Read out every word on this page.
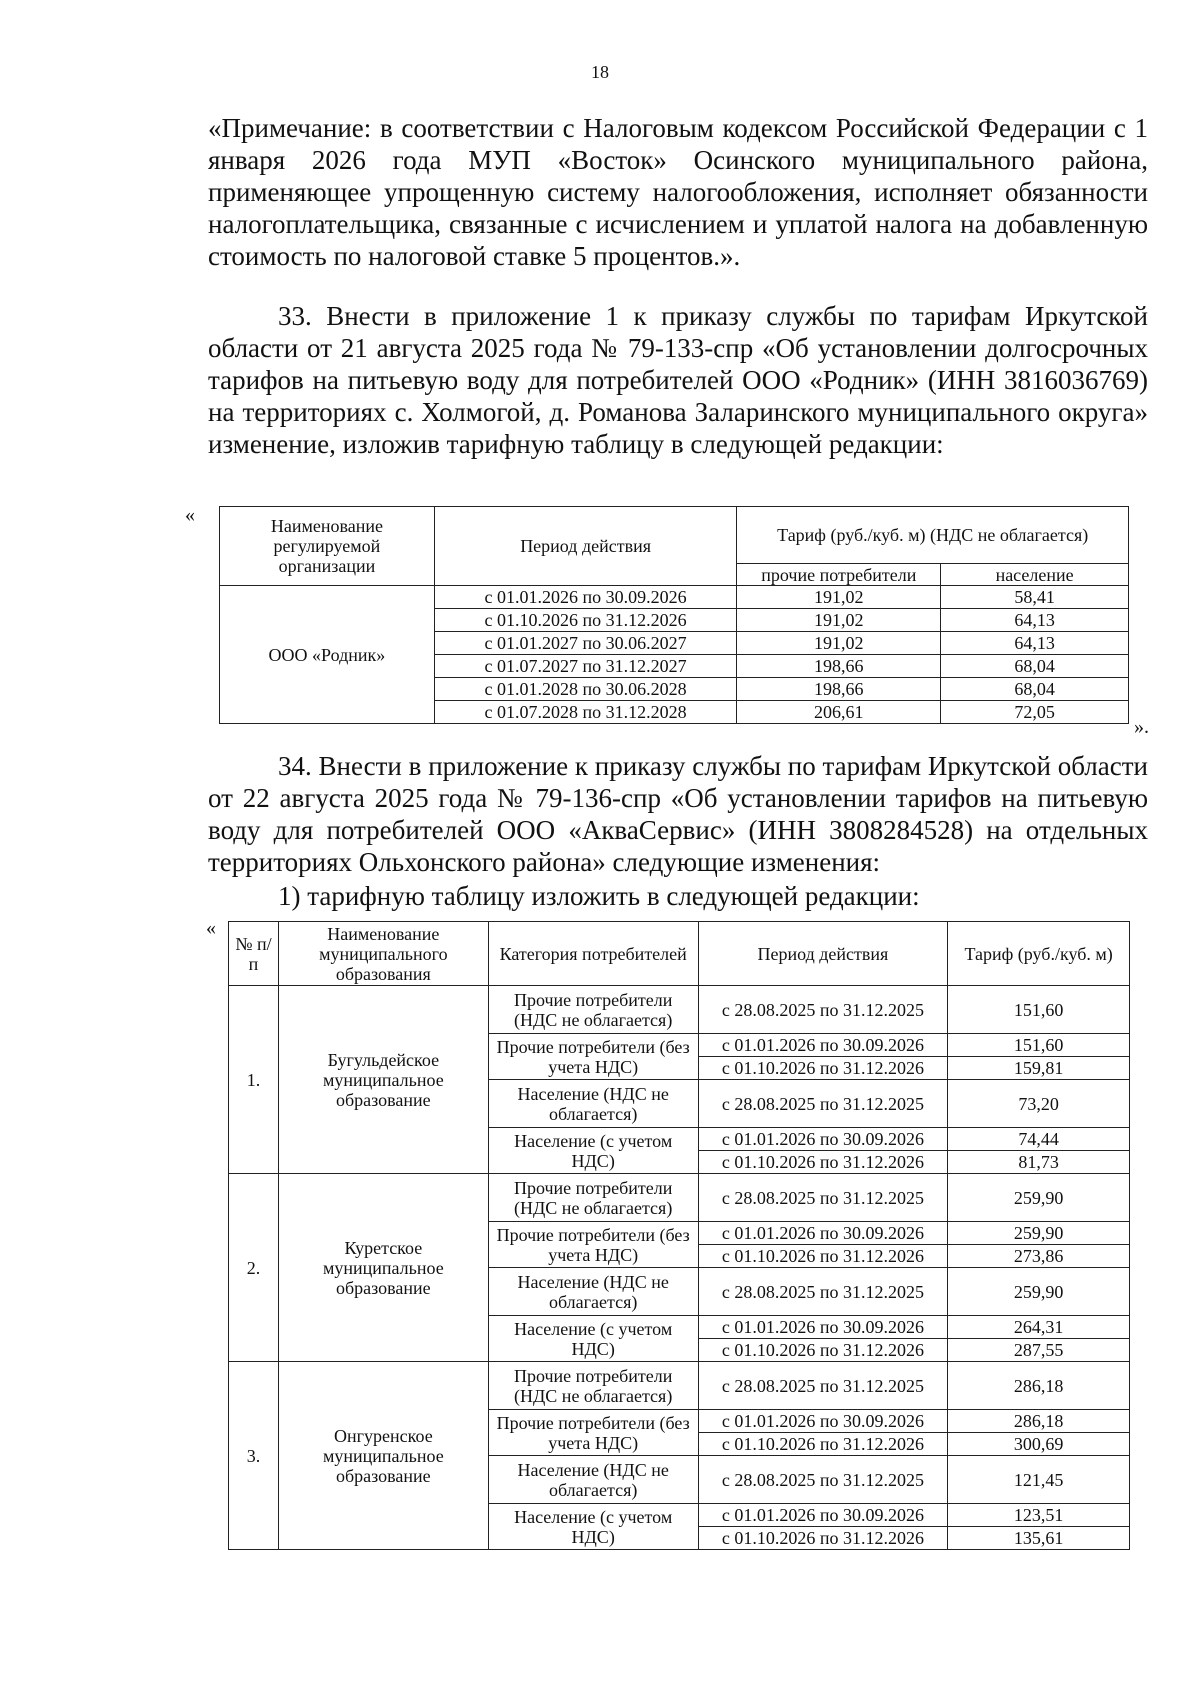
18

«Примечание: в соответствии с Налоговым кодексом Российской Федерации с 1 января 2026 года МУП «Восток» Осинского муниципального района, применяющее упрощенную систему налогообложения, исполняет обязанности налогоплательщика, связанные с исчислением и уплатой налога на добавленную стоимость по налоговой ставке 5 процентов.».

33. Внести в приложение 1 к приказу службы по тарифам Иркутской области от 21 августа 2025 года № 79-133-спр «Об установлении долгосрочных тарифов на питьевую воду для потребителей ООО «Родник» (ИНН 3816036769) на территориях с. Холмогой, д. Романова Заларинского муниципального округа» изменение, изложив тарифную таблицу в следующей редакции:

«	Наименование регулируемой организации	Период действия	Тариф (руб./куб. м) (НДС не облагается)	
		прочие потребители	население
ООО «Родник»	с 01.01.2026 по 30.09.2026	191,02	58,41
	с 01.10.2026 по 31.12.2026	191,02	64,13
	с 01.01.2027 по 30.06.2027	191,02	64,13
	с 01.07.2027 по 31.12.2027	198,66	68,04
	с 01.01.2028 по 30.06.2028	198,66	68,04
	с 01.07.2028 по 31.12.2028	206,61	72,05
».

34. Внести в приложение к приказу службы по тарифам Иркутской области от 22 августа 2025 года № 79-136-спр «Об установлении тарифов на питьевую воду для потребителей ООО «АкваСервис» (ИНН 3808284528) на отдельных территориях Ольхонского района» следующие изменения:

1) тарифную таблицу изложить в следующей редакции:

«
№ п/п	Наименование муниципального образования	Категория потребителей	Период действия	Тариф (руб./куб. м)
1.	Бугульдейское муниципальное образование	Прочие потребители (НДС не облагается)	с 28.08.2025 по 31.12.2025	151,60
		Прочие потребители (без учета НДС)	с 01.01.2026 по 30.09.2026	151,60
			с 01.10.2026 по 31.12.2026	159,81
		Население (НДС не облагается)	с 28.08.2025 по 31.12.2025	73,20
		Население (с учетом НДС)	с 01.01.2026 по 30.09.2026	74,44
			с 01.10.2026 по 31.12.2026	81,73
2.	Куретское муниципальное образование	Прочие потребители (НДС не облагается)	с 28.08.2025 по 31.12.2025	259,90
		Прочие потребители (без учета НДС)	с 01.01.2026 по 30.09.2026	259,90
			с 01.10.2026 по 31.12.2026	273,86
		Население (НДС не облагается)	с 28.08.2025 по 31.12.2025	259,90
		Население (с учетом НДС)	с 01.01.2026 по 30.09.2026	264,31
			с 01.10.2026 по 31.12.2026	287,55
3.	Онгуренское муниципальное образование	Прочие потребители (НДС не облагается)	с 28.08.2025 по 31.12.2025	286,18
		Прочие потребители (без учета НДС)	с 01.01.2026 по 30.09.2026	286,18
			с 01.10.2026 по 31.12.2026	300,69
		Население (НДС не облагается)	с 28.08.2025 по 31.12.2025	121,45
		Население (с учетом НДС)	с 01.01.2026 по 30.09.2026	123,51
			с 01.10.2026 по 31.12.2026	135,61
